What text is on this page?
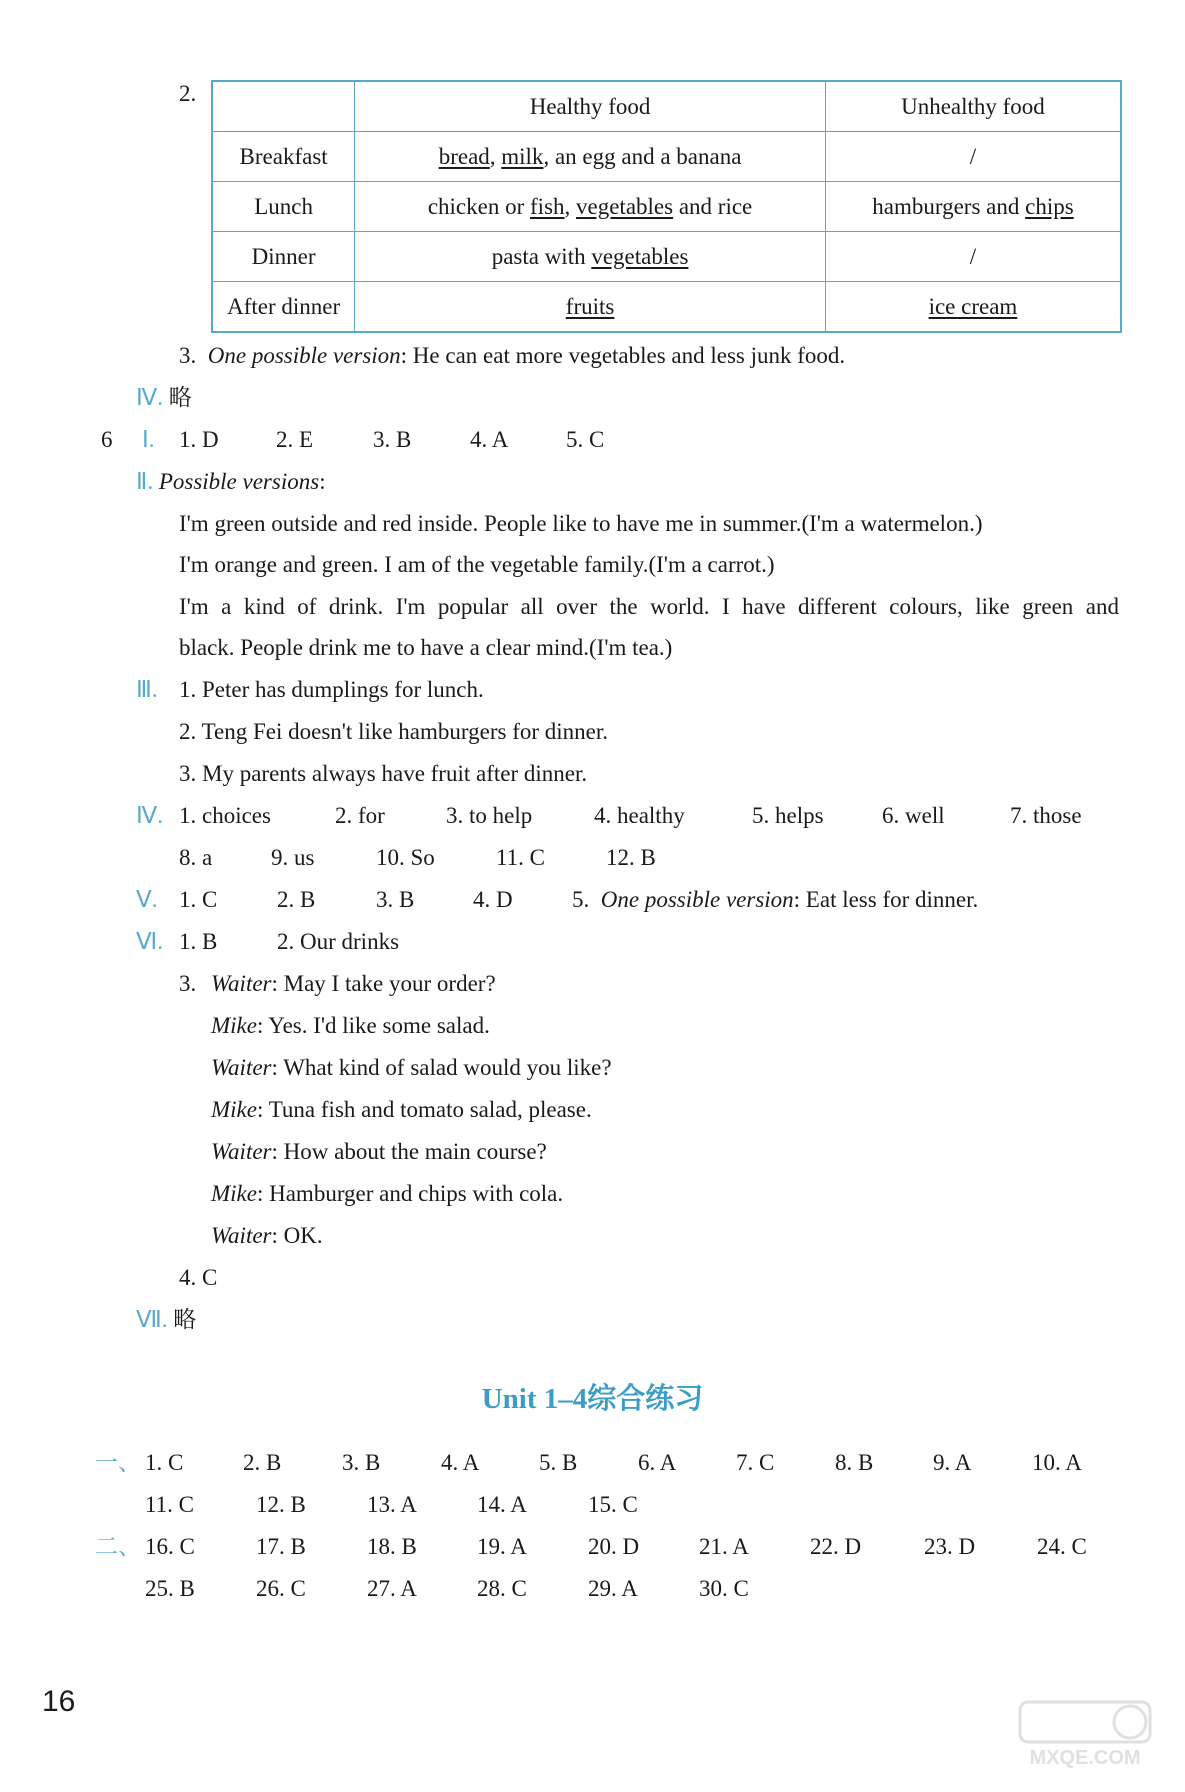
2.
		Healthy food	Unhealthy food
Breakfast	bread, milk, an egg and a banana	/
Lunch	chicken or fish, vegetables and rice	hamburgers and chips
Dinner	pasta with vegetables	/
After dinner	fruits	ice cream
3. One possible version: He can eat more vegetables and less junk food.
Ⅳ. 略
6 Ⅰ. 1. D 2. E	3. B	4. A	5. C
Ⅱ. Possible versions:
I'm green outside and red inside. People like to have me in summer.(I'm a watermelon.)
I'm orange and green. I am of the vegetable family.(I'm a carrot.)
I'm a kind of drink. I'm popular all over the world. I have different colours, like green and
black. People drink me to have a clear mind.(I'm tea.)
Ⅲ. 1. Peter has dumplings for lunch.
2. Teng Fei doesn't like hamburgers for dinner.
3. My parents always have fruit after dinner.
Ⅳ. 1. choices	2. for	3. to help	4. healthy	5. helps	6. well	7. those
8. a	9. us	10. So	11. C	12. B
Ⅴ. 1. C	2. B	3. B	4. D	5. One possible version: Eat less for dinner.
Ⅵ. 1. B	2. Our drinks
3. Waiter: May I take your order?
Mike: Yes. I'd like some salad.
Waiter: What kind of salad would you like?
Mike: Tuna fish and tomato salad, please.
Waiter: How about the main course?
Mike: Hamburger and chips with cola.
Waiter: OK.
4. C
Ⅶ. 略
Unit 1–4综合练习
一、 1. C	2. B	3. B	4. A	5. B	6. A	7. C	8. B	9. A	10. A
11. C	12. B	13. A	14. A	15. C
二、 16. C	17. B	18. B	19. A	20. D	21. A	22. D	23. D	24. C
25. B	26. C	27. A	28. C	29. A	30. C
16
MXQE.COM
